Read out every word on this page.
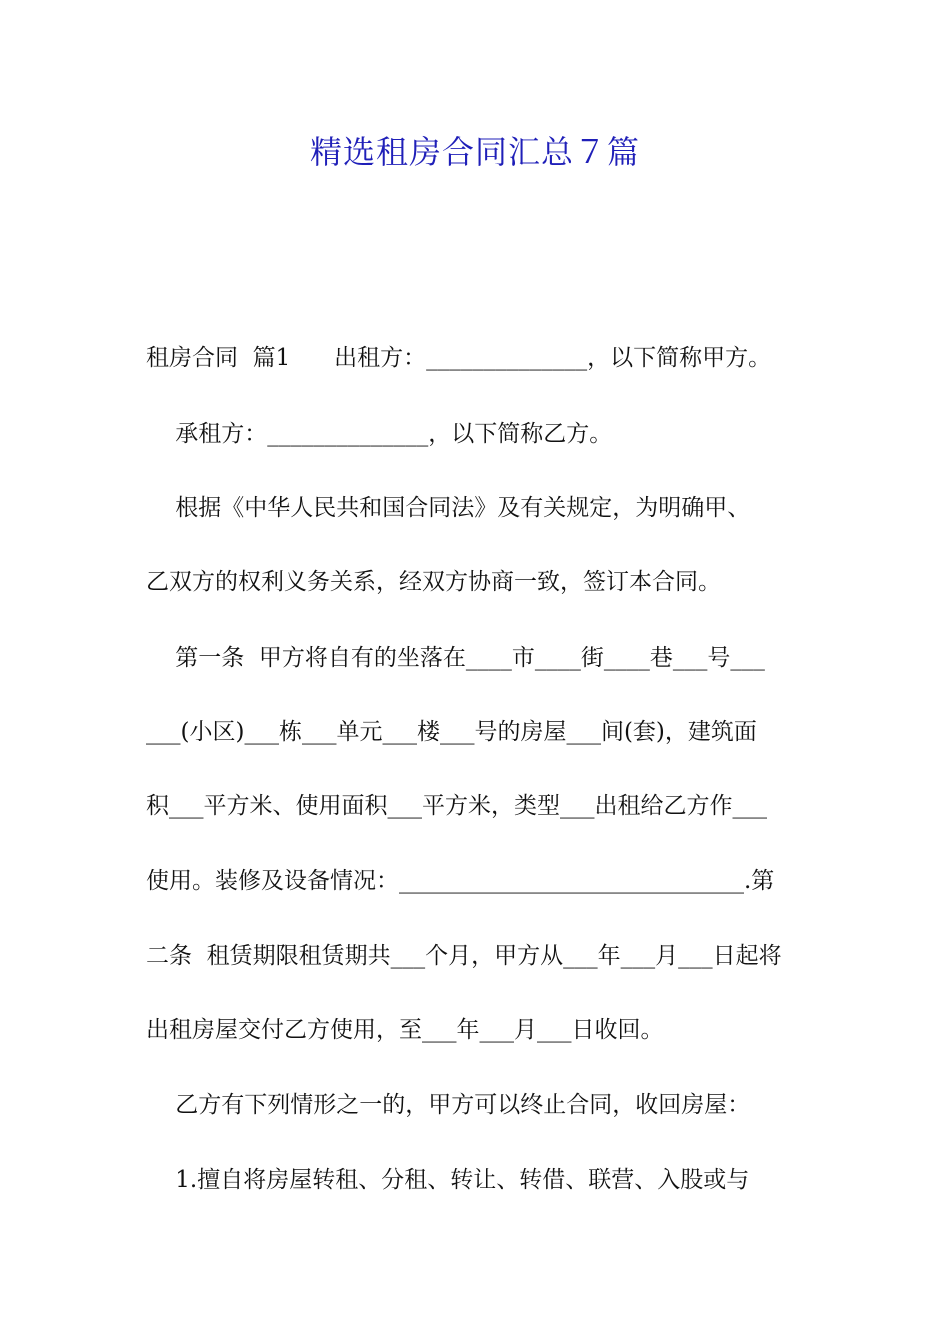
精选租房合同汇总７篇
租房合同  篇1      出租方：______________，以下简称甲方。
承租方：______________，以下简称乙方。
根据《中华人民共和国合同法》及有关规定，为明确甲、
乙双方的权利义务关系，经双方协商一致，签订本合同。
第一条  甲方将自有的坐落在____市____街____巷___号___
___(小区)___栋___单元___楼___号的房屋___间(套)，建筑面
积___平方米、使用面积___平方米，类型___出租给乙方作___
使用。装修及设备情况：______________________________.第
二条  租赁期限租赁期共___个月，甲方从___年___月___日起将
出租房屋交付乙方使用，至___年___月___日收回。
乙方有下列情形之一的，甲方可以终止合同，收回房屋：
1.擅自将房屋转租、分租、转让、转借、联营、入股或与
